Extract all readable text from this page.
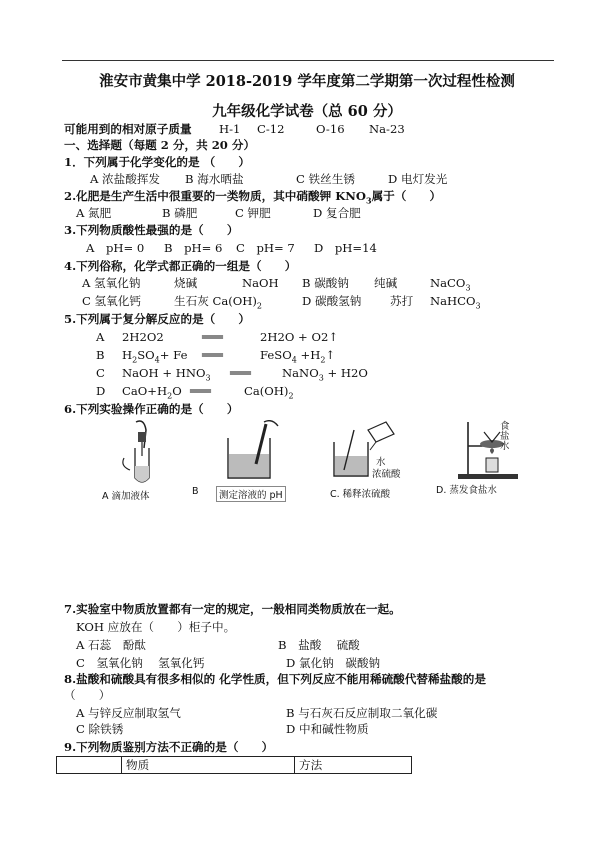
淮安市黄集中学 2018-2019 学年度第二学期第一次过程性检测
九年级化学试卷（总 60 分）
可能用到的相对原子质量 H-1 C-12	O-16 Na-23
一、选择题（每题 2 分，共 20 分）
1．下列属于化学变化的是 （　　）
A 浓盐酸挥发 B 海水晒盐	C 铁丝生锈	D 电灯发光
2.化肥是生产生活中很重要的一类物质，其中硝酸钾 $KNO_3$属于（　　）
A 氮肥	B 磷肥	C 钾肥	D 复合肥
3.下列物质酸性最强的是（　　）
A　pH= 0 B　pH= 6 C　pH= 7 D　pH=14
4.下列俗称，化学式都正确的一组是（　　）
A 氢氧化钠	烧碱	NaOH B 碳酸钠 纯碱	NaCO$_3$
C 氢氧化钙	生石灰 $Ca(OH)_2$	D 碳酸氢钠 苏打 NaHCO$_3$
5.下列属于复分解反应的是（　　）
A 2H2O2	═══	2H2O + O2↑
B $H_2SO_4+ Fe$ ═══	FeSO$_4$ $+H_2↑$
C NaOH + $HNO_3$ ═══	NaNO$_3$ + H2O
D $CaO+H_2O$ ═══	$Ca(OH)_2$
6.下列实验操作正确的是（　　）
A 滴加液体	B	测定溶液的 pH
水
浓硫酸
C. 稀释浓硫酸
食盐水
D. 蒸发食盐水
7.实验室中物质放置都有一定的规定，一般相同类物质放在一起。
KOH 应放在（　　）柜子中。
A 石蕊　酚酞	B　盐酸　 硫酸
C　氢氧化钠　 氢氧化钙	D 氯化钠　碳酸钠
8.盐酸和硫酸具有很多相似的 化学性质，但下列反应不能用稀硫酸代替稀盐酸的是
（　　）
A 与锌反应制取氢气	B 与石灰石反应制取二氧化碳
C 除铁锈	D 中和碱性物质
9.下列物质鉴别方法不正确的是（　　）
	物质	方法
